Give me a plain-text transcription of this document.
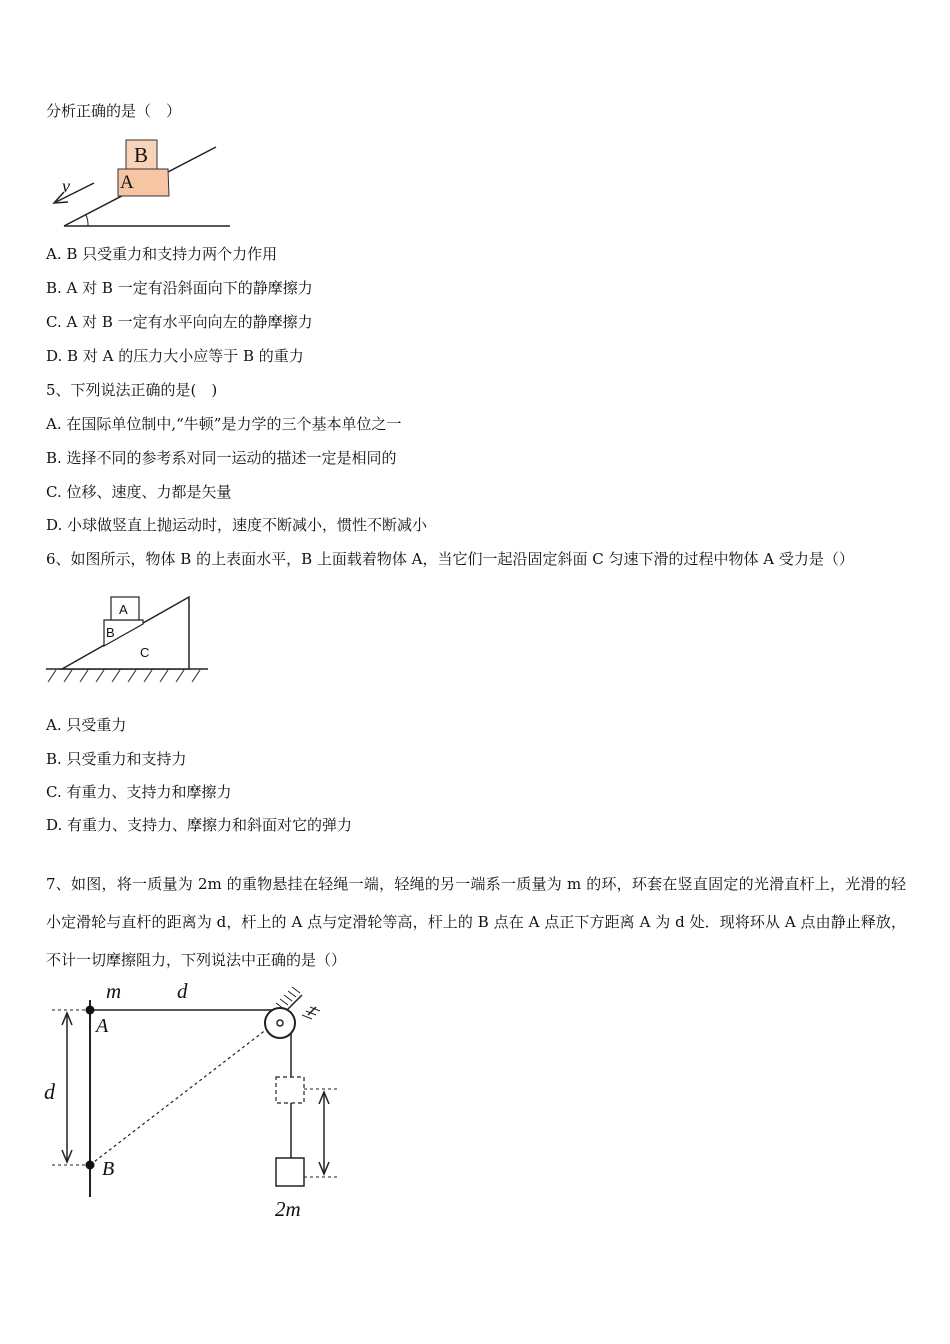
分析正确的是（　）

B
A
v

A. B 只受重力和支持力两个力作用

B. A 对 B 一定有沿斜面向下的静摩擦力

C. A 对 B 一定有水平向向左的静摩擦力

D. B 对 A 的压力大小应等于 B 的重力

5、下列说法正确的是(　)

A. 在国际单位制中,“牛顿”是力学的三个基本单位之一

B. 选择不同的参考系对同一运动的描述一定是相同的

C. 位移、速度、力都是矢量

D. 小球做竖直上抛运动时，速度不断减小，惯性不断减小

6、如图所示，物体 B 的上表面水平，B 上面载着物体 A，当它们一起沿固定斜面 C 匀速下滑的过程中物体 A 受力是（）

A
B
C

A. 只受重力

B. 只受重力和支持力

C. 有重力、支持力和摩擦力

D. 有重力、支持力、摩擦力和斜面对它的弹力

7、如图，将一质量为 2m 的重物悬挂在轻绳一端，轻绳的另一端系一质量为 m 的环，环套在竖直固定的光滑直杆上，光滑的轻小定滑轮与直杆的距离为 d，杆上的 A 点与定滑轮等高，杆上的 B 点在 A 点正下方距离 A 为 d 处．现将环从 A 点由静止释放，不计一切摩擦阻力，下列说法中正确的是（）

m	d
A
d
B
2m
